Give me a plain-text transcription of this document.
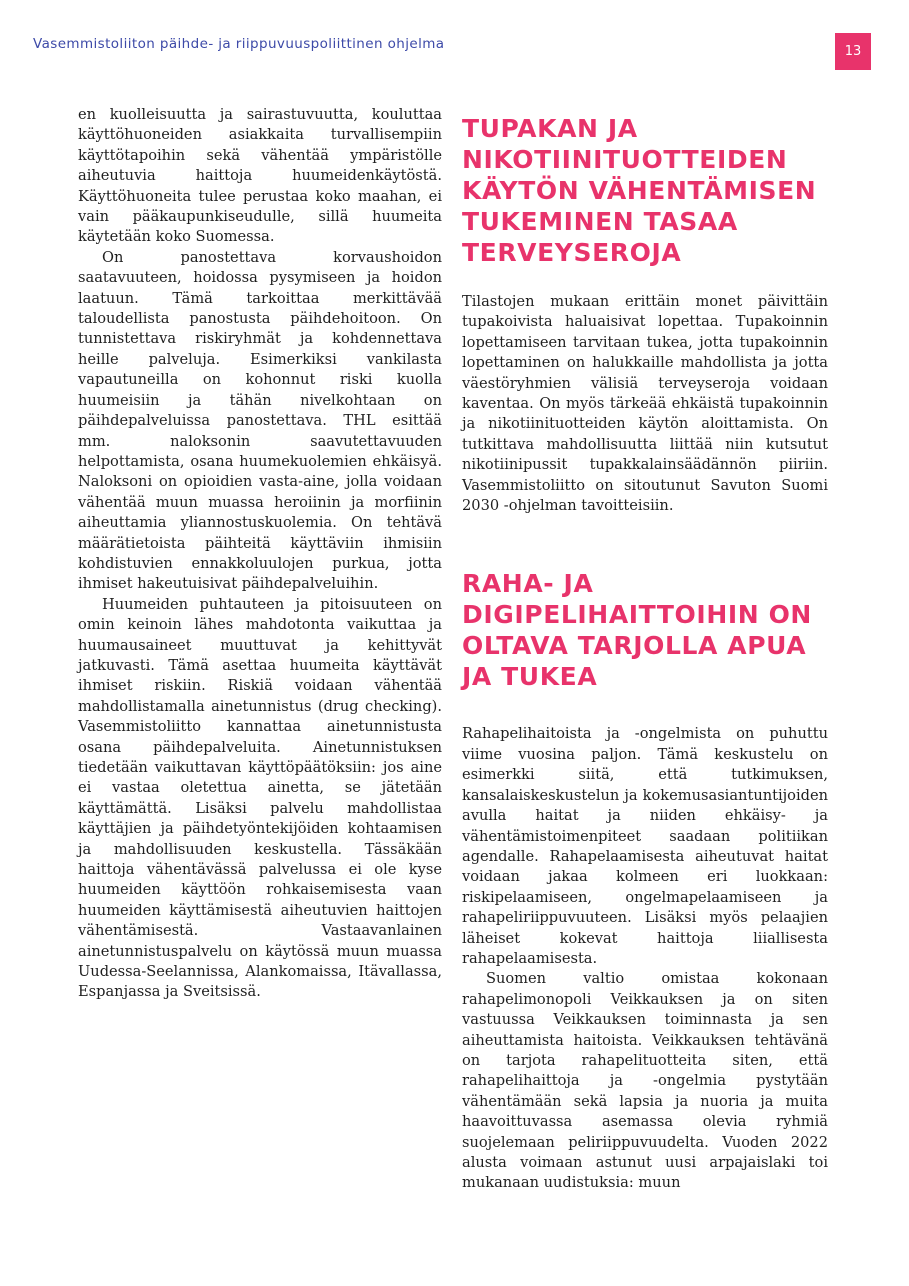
Vasemmistoliiton päihde- ja riippuvuuspoliittinen ohjelma	13

en kuolleisuutta ja sairastuvuutta, kouluttaa käyttöhuoneiden asiakkaita turvallisempiin käyttötapoihin sekä vähentää ympäristölle aiheutuvia haittoja huumeidenkäytöstä. Käyttöhuoneita tulee perustaa koko maahan, ei vain pääkaupunkiseudulle, sillä huumeita käytetään koko Suomessa.

On panostettava korvaushoidon saatavuuteen, hoidossa pysymiseen ja hoidon laatuun. Tämä tarkoittaa merkittävää taloudellista panostusta päihdehoitoon. On tunnistettava riskiryhmät ja kohdennettava heille palveluja. Esimerkiksi vankilasta vapautuneilla on kohonnut riski kuolla huumeisiin ja tähän nivelkohtaan on päihdepalveluissa panostettava. THL esittää mm. naloksonin saavutettavuuden helpottamista, osana huumekuolemien ehkäisyä. Naloksoni on opioidien vasta-aine, jolla voidaan vähentää muun muassa heroiinin ja morfiinin aiheuttamia yliannostuskuolemia. On tehtävä määrätietoista päihteitä käyttäviin ihmisiin kohdistuvien ennakkoluulojen purkua, jotta ihmiset hakeutuisivat päihdepalveluihin.

Huumeiden puhtauteen ja pitoisuuteen on omin keinoin lähes mahdotonta vaikuttaa ja huumausaineet muuttuvat ja kehittyvät jatkuvasti. Tämä asettaa huumeita käyttävät ihmiset riskiin. Riskiä voidaan vähentää mahdollistamalla ainetunnistus (drug checking). Vasemmistoliitto kannattaa ainetunnistusta osana päihdepalveluita. Ainetunnistuksen tiedetään vaikuttavan käyttöpäätöksiin: jos aine ei vastaa oletettua ainetta, se jätetään käyttämättä. Lisäksi palvelu mahdollistaa käyttäjien ja päihdetyöntekijöiden kohtaamisen ja mahdollisuuden keskustella. Tässäkään haittoja vähentävässä palvelussa ei ole kyse huumeiden käyttöön rohkaisemisesta vaan huumeiden käyttämisestä aiheutuvien haittojen vähentämisestä. Vastaavanlainen ainetunnistuspalvelu on käytössä muun muassa Uudessa-Seelannissa, Alankomaissa, Itävallassa, Espanjassa ja Sveitsissä.

TUPAKAN JA NIKOTIINITUOTTEIDEN KÄYTÖN VÄHENTÄMISEN TUKEMINEN TASAA TERVEYSEROJA

Tilastojen mukaan erittäin monet päivittäin tupakoivista haluaisivat lopettaa. Tupakoinnin lopettamiseen tarvitaan tukea, jotta tupakoinnin lopettaminen on halukkaille mahdollista ja jotta väestöryhmien välisiä terveyseroja voidaan kaventaa. On myös tärkeää ehkäistä tupakoinnin ja nikotiinituotteiden käytön aloittamista. On tutkittava mahdollisuutta liittää niin kutsutut nikotiinipussit tupakkalainsäädännön piiriin. Vasemmistoliitto on sitoutunut Savuton Suomi 2030 -ohjelman tavoitteisiin.

RAHA- JA DIGIPELIHAITTOIHIN ON OLTAVA TARJOLLA APUA JA TUKEA

Rahapelihaitoista ja -ongelmista on puhuttu viime vuosina paljon. Tämä keskustelu on esimerkki siitä, että tutkimuksen, kansalaiskeskustelun ja kokemusasiantuntijoiden avulla haitat ja niiden ehkäisy- ja vähentämistoimenpiteet saadaan politiikan agendalle. Rahapelaamisesta aiheutuvat haitat voidaan jakaa kolmeen eri luokkaan: riskipelaamiseen, ongelmapelaamiseen ja rahapeliriippuvuuteen. Lisäksi myös pelaajien läheiset kokevat haittoja liiallisesta rahapelaamisesta.

Suomen valtio omistaa kokonaan rahapelimonopoli Veikkauksen ja on siten vastuussa Veikkauksen toiminnasta ja sen aiheuttamista haitoista. Veikkauksen tehtävänä on tarjota rahapelituotteita siten, että rahapelihaittoja ja -ongelmia pystytään vähentämään sekä lapsia ja nuoria ja muita haavoittuvassa asemassa olevia ryhmiä suojelemaan peliriippuvuudelta. Vuoden 2022 alusta voimaan astunut uusi arpajaislaki toi mukanaan uudistuksia: muun
